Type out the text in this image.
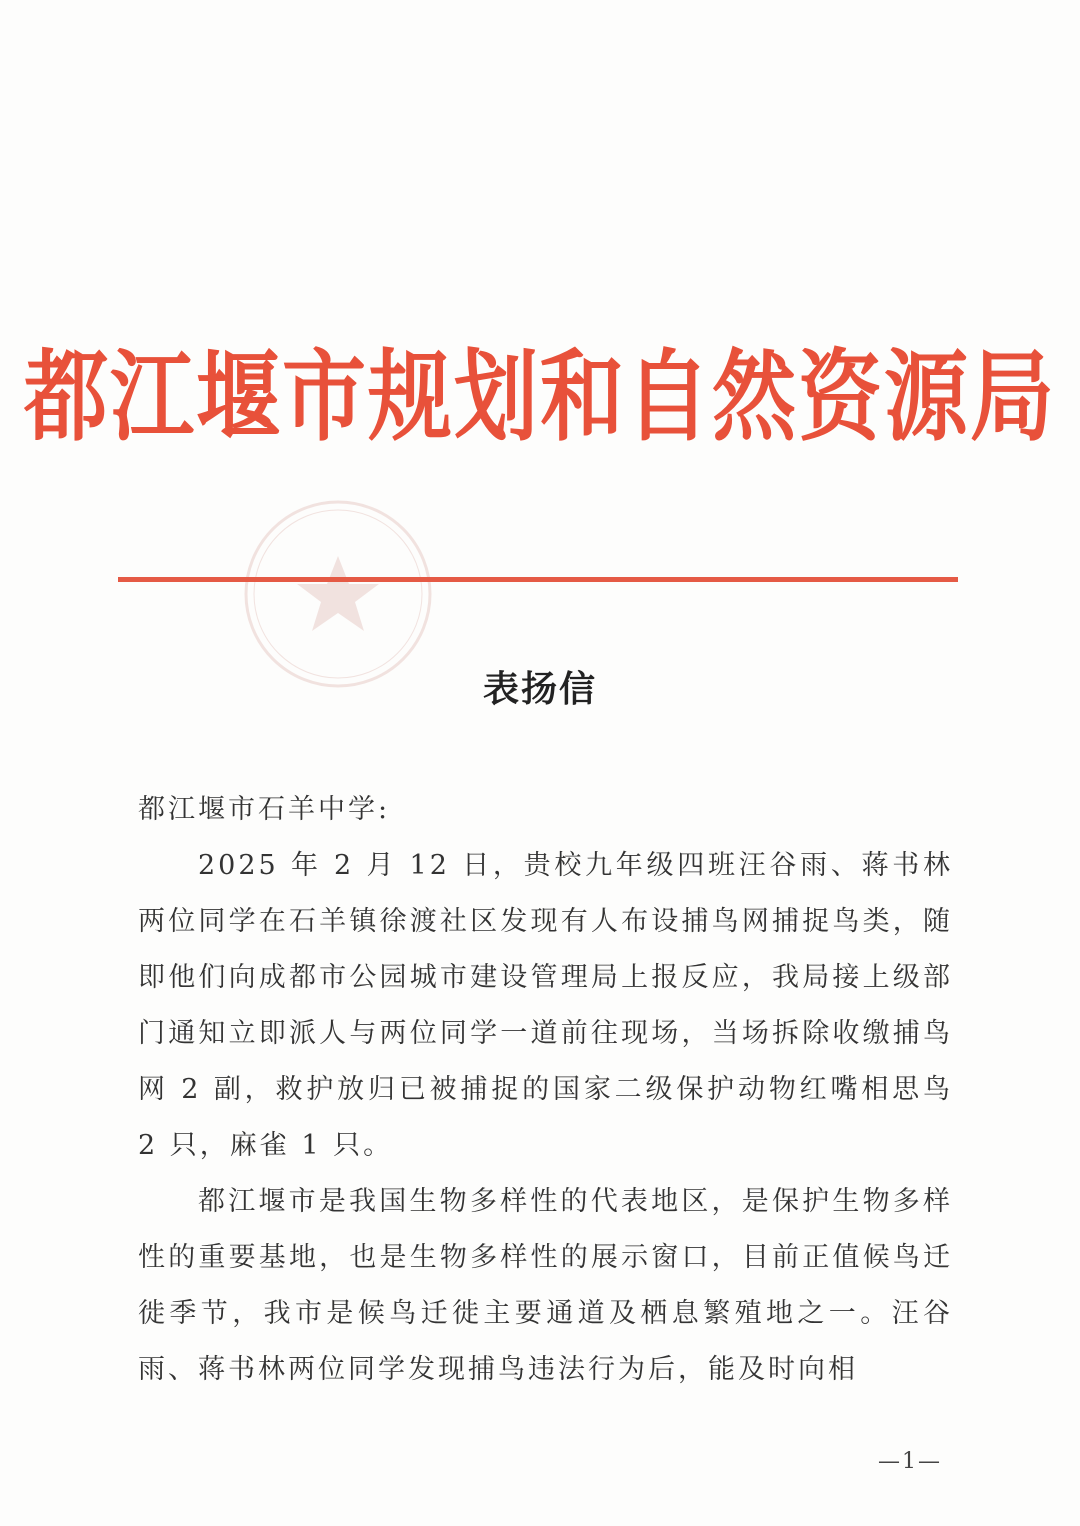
都江堰市规划和自然资源局
表扬信

都江堰市石羊中学:

2025 年 2 月 12 日，贵校九年级四班汪谷雨、蒋书林两位同学在石羊镇徐渡社区发现有人布设捕鸟网捕捉鸟类，随即他们向成都市公园城市建设管理局上报反应，我局接上级部门通知立即派人与两位同学一道前往现场，当场拆除收缴捕鸟网 2 副，救护放归已被捕捉的国家二级保护动物红嘴相思鸟 2 只，麻雀 1 只。

都江堰市是我国生物多样性的代表地区，是保护生物多样性的重要基地，也是生物多样性的展示窗口，目前正值候鸟迁徙季节，我市是候鸟迁徙主要通道及栖息繁殖地之一。汪谷雨、蒋书林两位同学发现捕鸟违法行为后，能及时向相

—1—
